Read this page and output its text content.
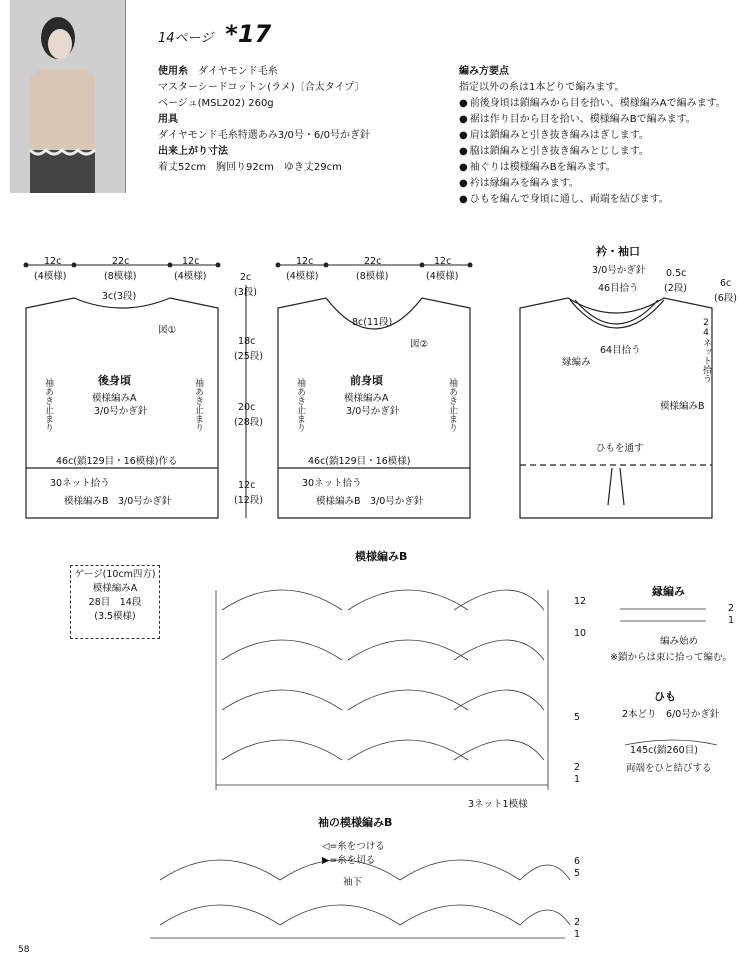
14ページ *17
使用糸　 ダイヤモンド毛糸
マスターシードコットン(ラメ)〔合太タイプ〕
ベージュ(MSL202) 260g
用具
ダイヤモンド毛糸特選あみ3/0号・6/0号かぎ針
出来上がり寸法
着丈52cm　胸回り92cm　ゆき丈29cm
編み方要点
指定以外の糸は1本どりで編みます。
● 前後身頃は鎖編みから目を拾い、模様編みAで編みます。
● 裾は作り目から目を拾い、模様編みBで編みます。
● 肩は鎖編みと引き抜き編みはぎします。
● 脇は鎖編みと引き抜き編みとじします。
● 袖ぐりは模様編みBを編みます。
● 衿は縁編みを編みます。
● ひもを編んで身頃に通し、両端を結びます。
12c
(4模様)
22c
(8模様)
12c
(4模様)
3c(3段)
図①
後身頃
模様編みA
3/0号かぎ針
袖あき止まり	袖あき止まり
46c(鎖129目・16模様)作る
30ネット拾う
模様編みB　3/0号かぎ針
2c
(3段)
18c
(25段)
20c
(28段)
12c
(12段)
12c
(4模様)
22c
(8模様)
12c
(4模様)
8c(11段)
図②
前身頃
模様編みA
3/0号かぎ針
袖あき止まり	袖あき止まり
46c(鎖129目・16模様)
30ネット拾う
模様編みB　3/0号かぎ針
衿・袖口
3/0号かぎ針 0.5c
(2段)
46目拾う
64目拾う
縁編み
6c
(6段)
24ネット拾う
模様編みB
ひもを通す
ゲージ(10cm四方)
模様編みA
28目　14段
(3.5模様)
模様編みB
12
10
5
2
1
3ネット1模様
縁編み
2
1
編み始め
※鎖からは束に拾って編む。
ひも
2本どり　6/0号かぎ針
145c(鎖260目)
両端をひと結びする
袖の模様編みB
◁=糸をつける
▶=糸を切る
袖下
6
5
2
1
58
